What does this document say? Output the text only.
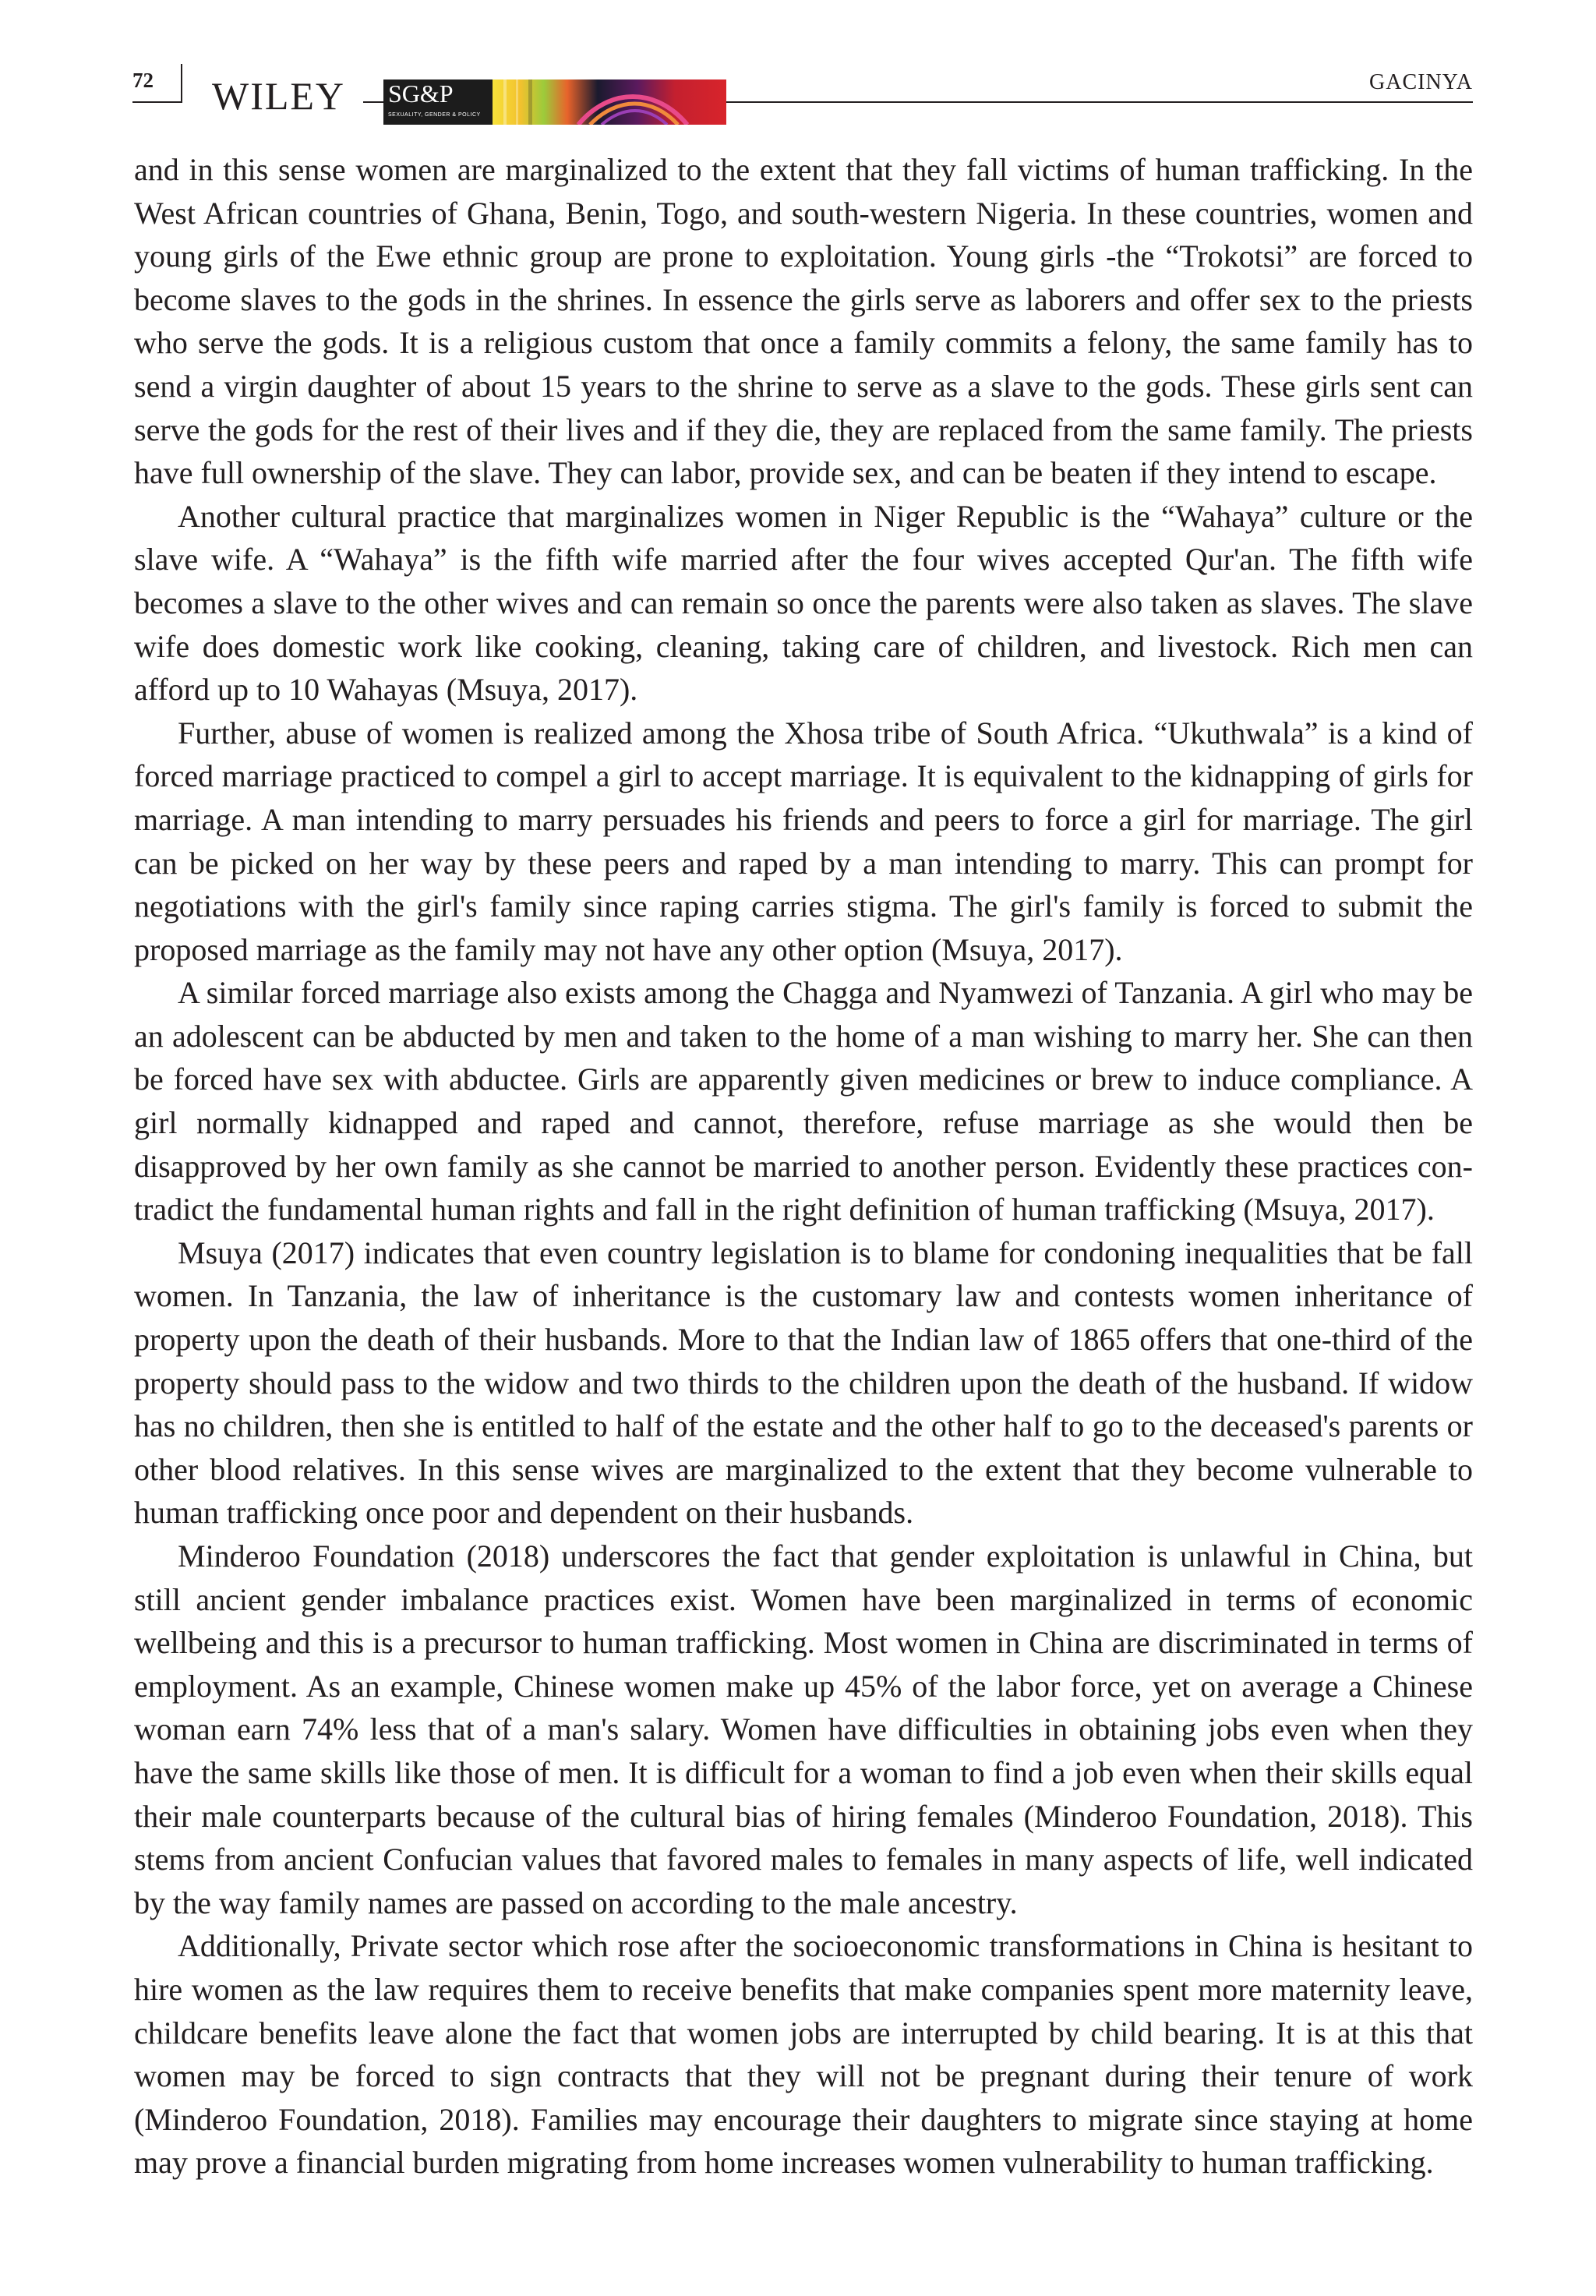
72 WILEY SG&P
SEXUALITY, GENDER & POLICY
GACINYA

and in this sense women are marginalized to the extent that they fall victims of human trafficking. In the West African countries of Ghana, Benin, Togo, and south-western Nigeria. In these countries, women and young girls of the Ewe ethnic group are prone to exploitation. Young girls -the “Trokotsi” are forced to become slaves to the gods in the shrines. In essence the girls serve as laborers and offer sex to the priests who serve the gods. It is a religious custom that once a family commits a felony, the same family has to send a virgin daughter of about 15 years to the shrine to serve as a slave to the gods. These girls sent can serve the gods for the rest of their lives and if they die, they are replaced from the same family. The priests have full ownership of the slave. They can labor, provide sex, and can be beaten if they intend to escape.

Another cultural practice that marginalizes women in Niger Republic is the “Wahaya” culture or the slave wife. A “Wahaya” is the fifth wife married after the four wives accepted Qur'an. The fifth wife becomes a slave to the other wives and can remain so once the parents were also taken as slaves. The slave wife does domestic work like cooking, cleaning, taking care of children, and livestock. Rich men can afford up to 10 Wahayas (Msuya, 2017).

Further, abuse of women is realized among the Xhosa tribe of South Africa. “Ukuthwala” is a kind of forced marriage practiced to compel a girl to accept marriage. It is equivalent to the kidnapping of girls for marriage. A man intending to marry persuades his friends and peers to force a girl for marriage. The girl can be picked on her way by these peers and raped by a man intending to marry. This can prompt for negotiations with the girl's family since raping carries stigma. The girl's family is forced to submit the proposed marriage as the family may not have any other option (Msuya, 2017).

A similar forced marriage also exists among the Chagga and Nyamwezi of Tanzania. A girl who may be an adolescent can be abducted by men and taken to the home of a man wishing to marry her. She can then be forced have sex with abductee. Girls are apparently given medicines or brew to induce compliance. A girl normally kidnapped and raped and cannot, therefore, refuse marriage as she would then be disapproved by her own family as she cannot be married to another person. Evidently these practices contradict the fundamental human rights and fall in the right definition of human trafficking (Msuya, 2017).

Msuya (2017) indicates that even country legislation is to blame for condoning inequalities that be fall women. In Tanzania, the law of inheritance is the customary law and contests women inheritance of property upon the death of their husbands. More to that the Indian law of 1865 offers that one-third of the property should pass to the widow and two thirds to the children upon the death of the husband. If widow has no children, then she is entitled to half of the estate and the other half to go to the deceased's parents or other blood relatives. In this sense wives are marginalized to the extent that they become vulnerable to human trafficking once poor and dependent on their husbands.

Minderoo Foundation (2018) underscores the fact that gender exploitation is unlawful in China, but still ancient gender imbalance practices exist. Women have been marginalized in terms of economic wellbeing and this is a precursor to human trafficking. Most women in China are discriminated in terms of employment. As an example, Chinese women make up 45% of the labor force, yet on average a Chinese woman earn 74% less that of a man's salary. Women have difficulties in obtaining jobs even when they have the same skills like those of men. It is difficult for a woman to find a job even when their skills equal their male counterparts because of the cultural bias of hiring females (Minderoo Foundation, 2018). This stems from ancient Confucian values that favored males to females in many aspects of life, well indicated by the way family names are passed on according to the male ancestry.

Additionally, Private sector which rose after the socioeconomic transformations in China is hesitant to hire women as the law requires them to receive benefits that make companies spent more maternity leave, childcare benefits leave alone the fact that women jobs are interrupted by child bearing. It is at this that women may be forced to sign contracts that they will not be pregnant during their tenure of work (Minderoo Foundation, 2018). Families may encourage their daughters to migrate since staying at home may prove a financial burden migrating from home increases women vulnerability to human trafficking.
